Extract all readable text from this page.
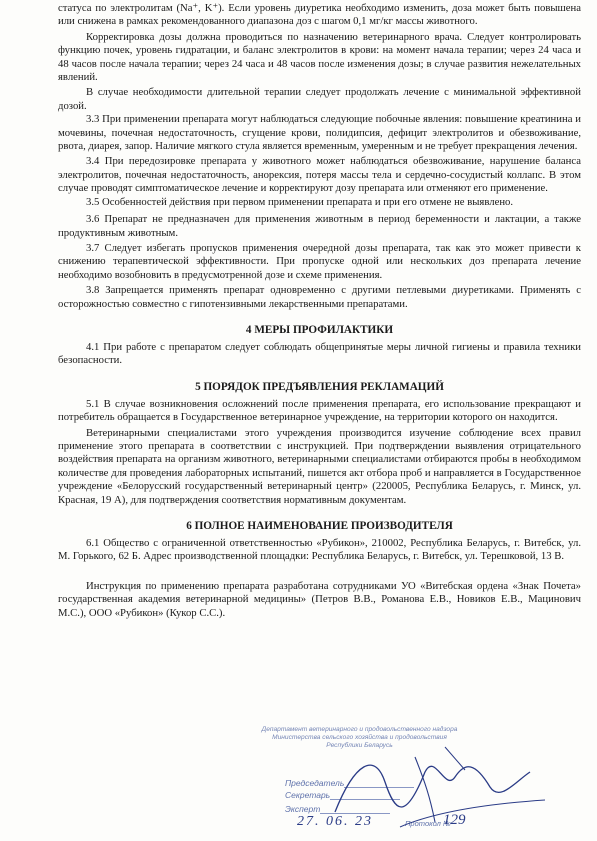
статуса по электролитам (Na⁺, K⁺). Если уровень диуретика необходимо изменить, доза может быть повышена или снижена в рамках рекомендованного диапазона доз с шагом 0,1 мг/кг массы животного.

Корректировка дозы должна проводиться по назначению ветеринарного врача. Следует контролировать функцию почек, уровень гидратации, и баланс электролитов в крови: на момент начала терапии; через 24 часа и 48 часов после начала терапии; через 24 часа и 48 часов после изменения дозы; в случае развития нежелательных явлений.

В случае необходимости длительной терапии следует продолжать лечение с минимальной эффективной дозой.

3.3 При применении препарата могут наблюдаться следующие побочные явления: повышение креатинина и мочевины, почечная недостаточность, сгущение крови, полидипсия, дефицит электролитов и обезвоживание, рвота, диарея, запор. Наличие мягкого стула является временным, умеренным и не требует прекращения лечения.

3.4 При передозировке препарата у животного может наблюдаться обезвоживание, нарушение баланса электролитов, почечная недостаточность, анорексия, потеря массы тела и сердечно-сосудистый коллапс. В этом случае проводят симптоматическое лечение и корректируют дозу препарата или отменяют его применение.

3.5 Особенностей действия при первом применении препарата и при его отмене не выявлено.

3.6 Препарат не предназначен для применения животным в период беременности и лактации, а также продуктивным животным.

3.7 Следует избегать пропусков применения очередной дозы препарата, так как это может привести к снижению терапевтической эффективности. При пропуске одной или нескольких доз препарата лечение необходимо возобновить в предусмотренной дозе и схеме применения.

3.8 Запрещается применять препарат одновременно с другими петлевыми диуретиками. Применять с осторожностью совместно с гипотензивными лекарственными препаратами.

4 МЕРЫ ПРОФИЛАКТИКИ

4.1 При работе с препаратом следует соблюдать общепринятые меры личной гигиены и правила техники безопасности.

5 ПОРЯДОК ПРЕДЪЯВЛЕНИЯ РЕКЛАМАЦИЙ

5.1 В случае возникновения осложнений после применения препарата, его использование прекращают и потребитель обращается в Государственное ветеринарное учреждение, на территории которого он находится.

Ветеринарными специалистами этого учреждения производится изучение соблюдение всех правил применение этого препарата в соответствии с инструкцией. При подтверждении выявления отрицательного воздействия препарата на организм животного, ветеринарными специалистами отбираются пробы в необходимом количестве для проведения лабораторных испытаний, пишется акт отбора проб и направляется в Государственное учреждение «Белорусский государственный ветеринарный центр» (220005, Республика Беларусь, г. Минск, ул. Красная, 19 А), для подтверждения соответствия нормативным документам.

6 ПОЛНОЕ НАИМЕНОВАНИЕ ПРОИЗВОДИТЕЛЯ

6.1 Общество с ограниченной ответственностью «Рубикон», 210002, Республика Беларусь, г. Витебск, ул. М. Горького, 62 Б. Адрес производственной площадки: Республика Беларусь, г. Витебск, ул. Терешковой, 13 В.

Инструкция по применению препарата разработана сотрудниками УО «Витебская ордена «Знак Почета» государственная академия ветеринарной медицины» (Петров В.В., Романова Е.В., Новиков Е.В., Мацинович М.С.), ООО «Рубикон» (Кукор С.С.).

Департамент ветеринарного и продовольственного надзора Министерства сельского хозяйства и продовольствия Республики Беларусь
Председатель
Секретарь
Эксперт
Протокол №
27. 06. 23	129
